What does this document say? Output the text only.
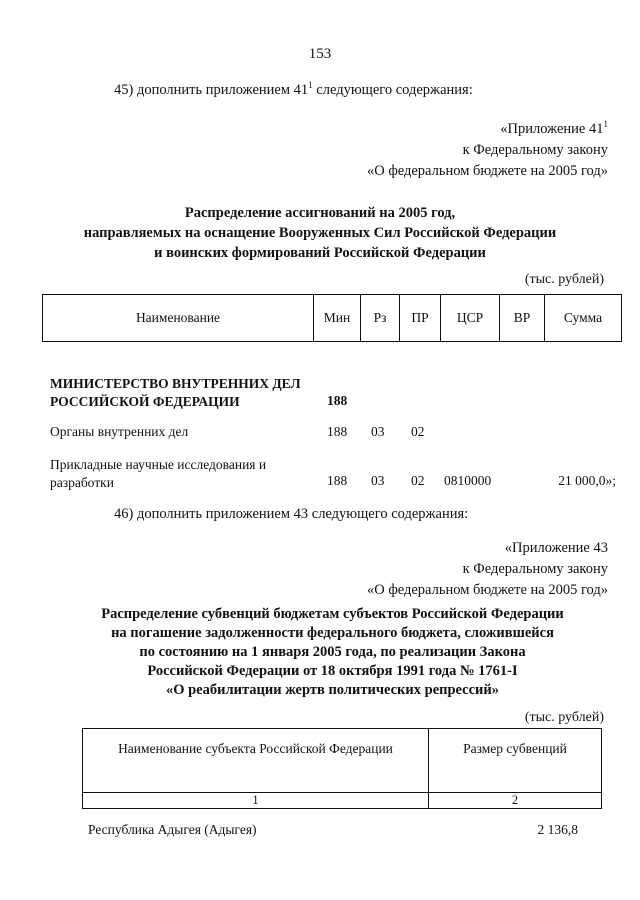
153
45) дополнить приложением $41^1$ следующего содержания:
«Приложение $41^1$
к Федеральному закону
«О федеральном бюджете на 2005 год»
Распределение ассигнований на 2005 год,
направляемых на оснащение Вооруженных Сил Российской Федерации
и воинских формирований Российской Федерации
(тыс. рублей)
Наименование	Мин	Рз	ПР	ЦСР	ВР	Сумма
МИНИСТЕРСТВО ВНУТРЕННИХ ДЕЛ
РОССИЙСКОЙ ФЕДЕРАЦИИ	188
Органы внутренних дел	188 03 02
Прикладные научные исследования и
разработки	188 03 02 0810000	21 000,0»;
46) дополнить приложением 43 следующего содержания:
«Приложение 43
к Федеральному закону
«О федеральном бюджете на 2005 год»
Распределение субвенций бюджетам субъектов Российской Федерации
на погашение задолженности федерального бюджета, сложившейся
по состоянию на 1 января 2005 года, по реализации Закона
Российской Федерации от 18 октября 1991 года № 1761-I
«О реабилитации жертв политических репрессий»
(тыс. рублей)
Наименование субъекта Российской Федерации	Размер субвенций
1	2
Республика Адыгея (Адыгея)	2 136,8
